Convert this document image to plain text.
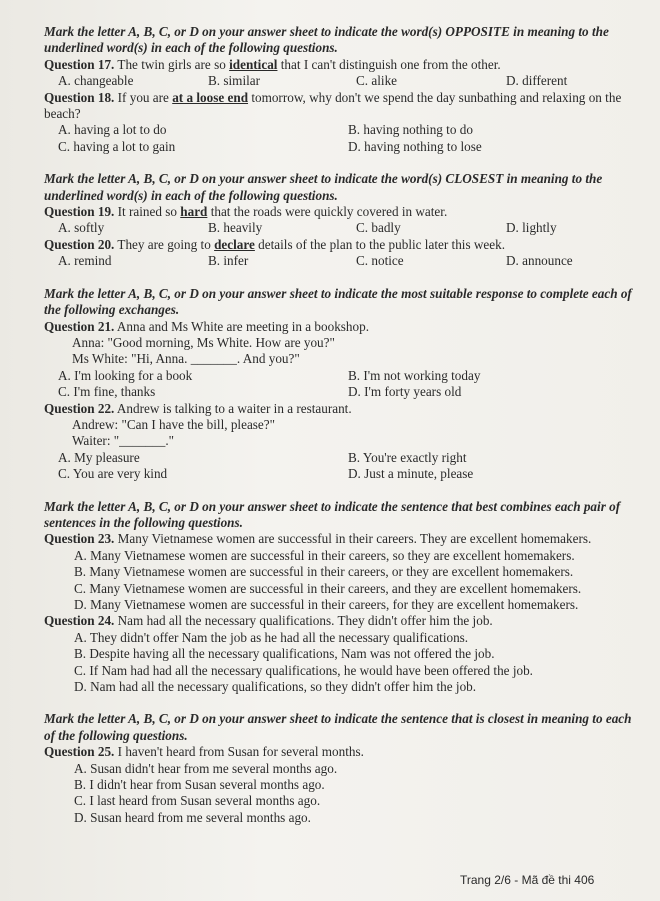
Mark the letter A, B, C, or D on your answer sheet to indicate the word(s) OPPOSITE in meaning to the underlined word(s) in each of the following questions.
Question 17. The twin girls are so identical that I can't distinguish one from the other.
A. changeable	B. similar	C. alike	D. different
Question 18. If you are at a loose end tomorrow, why don't we spend the day sunbathing and relaxing on the beach?
A. having a lot to do	B. having nothing to do
C. having a lot to gain	D. having nothing to lose
Mark the letter A, B, C, or D on your answer sheet to indicate the word(s) CLOSEST in meaning to the underlined word(s) in each of the following questions.
Question 19. It rained so hard that the roads were quickly covered in water.
A. softly	B. heavily	C. badly	D. lightly
Question 20. They are going to declare details of the plan to the public later this week.
A. remind	B. infer	C. notice	D. announce
Mark the letter A, B, C, or D on your answer sheet to indicate the most suitable response to complete each of the following exchanges.
Question 21. Anna and Ms White are meeting in a bookshop.
Anna: "Good morning, Ms White. How are you?"
Ms White: "Hi, Anna. _______. And you?"
A. I'm looking for a book	B. I'm not working today
C. I'm fine, thanks	D. I'm forty years old
Question 22. Andrew is talking to a waiter in a restaurant.
Andrew: "Can I have the bill, please?"
Waiter: "_______."
A. My pleasure	B. You're exactly right
C. You are very kind	D. Just a minute, please
Mark the letter A, B, C, or D on your answer sheet to indicate the sentence that best combines each pair of sentences in the following questions.
Question 23. Many Vietnamese women are successful in their careers. They are excellent homemakers.
A. Many Vietnamese women are successful in their careers, so they are excellent homemakers.
B. Many Vietnamese women are successful in their careers, or they are excellent homemakers.
C. Many Vietnamese women are successful in their careers, and they are excellent homemakers.
D. Many Vietnamese women are successful in their careers, for they are excellent homemakers.
Question 24. Nam had all the necessary qualifications. They didn't offer him the job.
A. They didn't offer Nam the job as he had all the necessary qualifications.
B. Despite having all the necessary qualifications, Nam was not offered the job.
C. If Nam had had all the necessary qualifications, he would have been offered the job.
D. Nam had all the necessary qualifications, so they didn't offer him the job.
Mark the letter A, B, C, or D on your answer sheet to indicate the sentence that is closest in meaning to each of the following questions.
Question 25. I haven't heard from Susan for several months.
A. Susan didn't hear from me several months ago.
B. I didn't hear from Susan several months ago.
C. I last heard from Susan several months ago.
D. Susan heard from me several months ago.
Trang 2/6 - Mã đề thi 406
